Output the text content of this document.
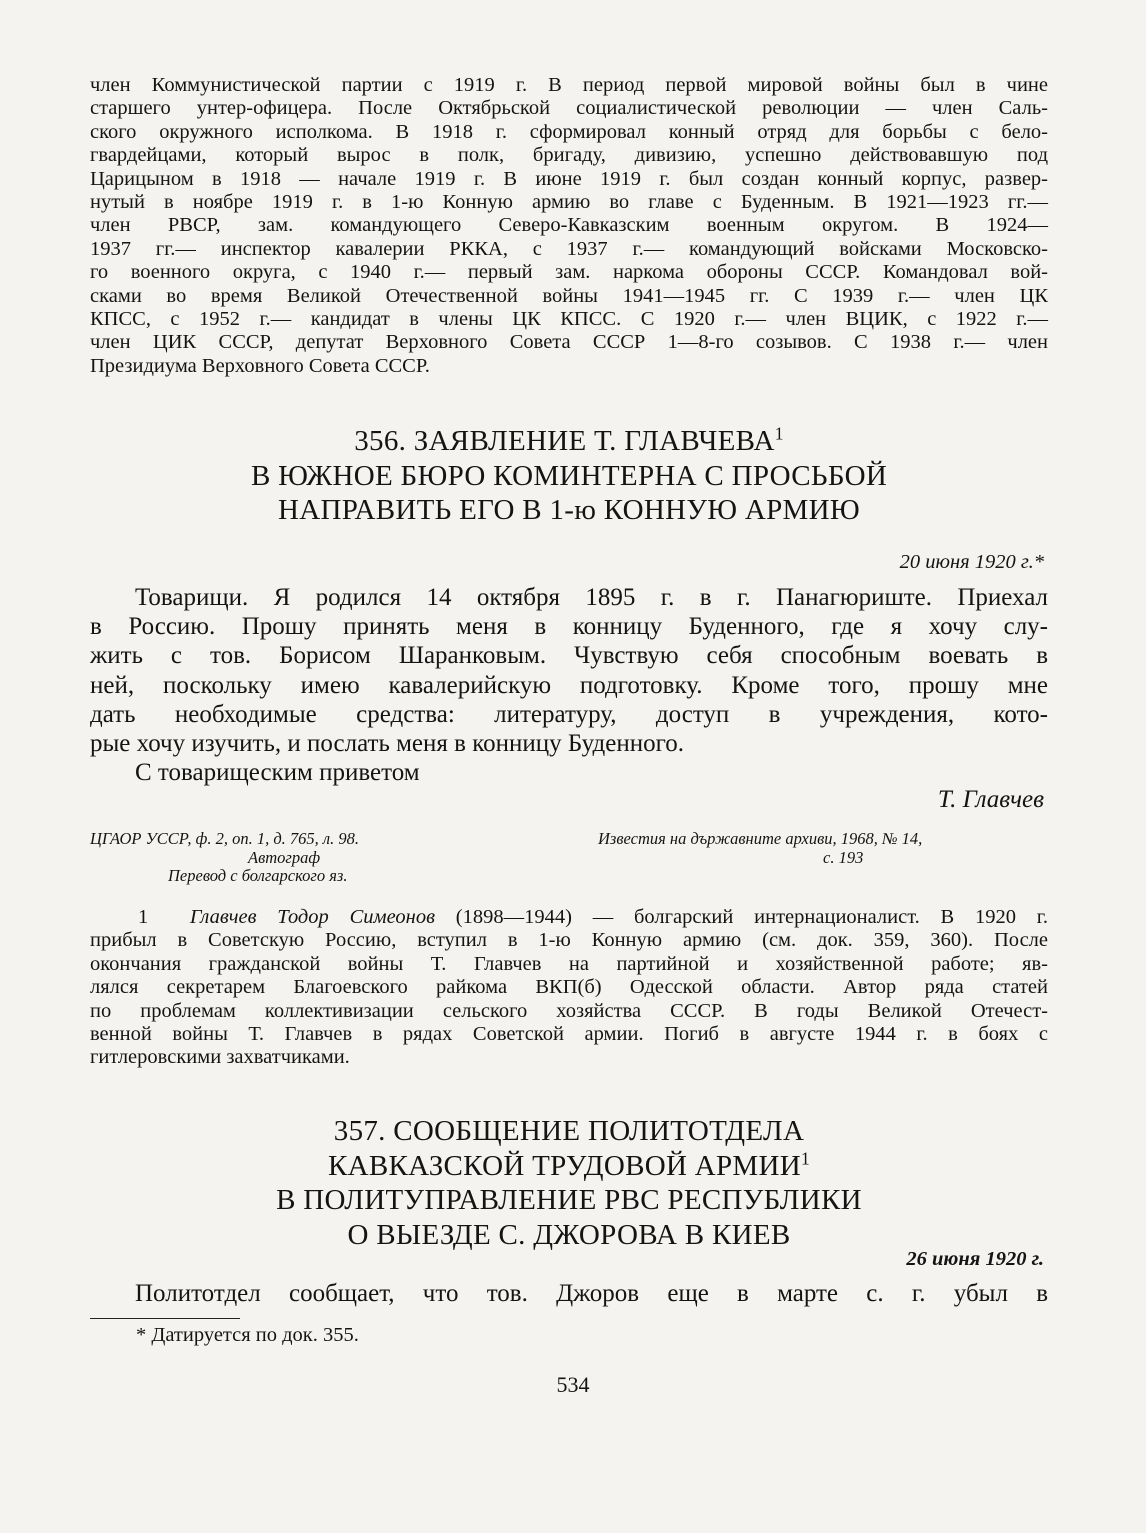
член Коммунистической партии с 1919 г. В период первой мировой войны был в чине

старшего унтер-офицера. После Октябрьской социалистической революции — член Саль-

ского окружного исполкома. В 1918 г. сформировал конный отряд для борьбы с бело-

гвардейцами, который вырос в полк, бригаду, дивизию, успешно действовавшую под

Царицыном в 1918 — начале 1919 г. В июне 1919 г. был создан конный корпус, развер-

нутый в ноябре 1919 г. в 1-ю Конную армию во главе с Буденным. В 1921—1923 гг.—

член РВСР, зам. командующего Северо-Кавказским военным округом. В 1924—

1937 гг.— инспектор кавалерии РККА, с 1937 г.— командующий войсками Московско-

го военного округа, с 1940 г.— первый зам. наркома обороны СССР. Командовал вой-

сками во время Великой Отечественной войны 1941—1945 гг. С 1939 г.— член ЦК

КПСС, с 1952 г.— кандидат в члены ЦК КПСС. С 1920 г.— член ВЦИК, с 1922 г.—

член ЦИК СССР, депутат Верховного Совета СССР 1—8-го созывов. С 1938 г.— член

Президиума Верховного Совета СССР.

356. ЗАЯВЛЕНИЕ Т. ГЛАВЧЕВА$^1$
В ЮЖНОЕ БЮРО КОМИНТЕРНА С ПРОСЬБОЙ
НАПРАВИТЬ ЕГО В 1-ю КОННУЮ АРМИЮ
20 июня 1920 г.*

Товарищи. Я родился 14 октября 1895 г. в г. Панагюриште. Приехал

в Россию. Прошу принять меня в конницу Буденного, где я хочу слу-

жить с тов. Борисом Шаранковым. Чувствую себя способным воевать в

ней, поскольку имею кавалерийскую подготовку. Кроме того, прошу мне

дать необходимые средства: литературу, доступ в учреждения, кото-

рые хочу изучить, и послать меня в конницу Буденного.

С товарищеским приветом

Т. Главчев
ЦГАОР УССР, ф. 2, оп. 1, д. 765, л. 98.
Автограф
Перевод с болгарского яз.
Известия на държавните архиви, 1968, № 14,
с. 193

1 Главчев Тодор Симеонов (1898—1944) — болгарский интернационалист. В 1920 г.

прибыл в Советскую Россию, вступил в 1-ю Конную армию (см. док. 359, 360). После

окончания гражданской войны Т. Главчев на партийной и хозяйственной работе; яв-

лялся секретарем Благоевского райкома ВКП(б) Одесской области. Автор ряда статей

по проблемам коллективизации сельского хозяйства СССР. В годы Великой Отечест-

венной войны Т. Главчев в рядах Советской армии. Погиб в августе 1944 г. в боях с

гитлеровскими захватчиками.

357. СООБЩЕНИЕ ПОЛИТОТДЕЛА
КАВКАЗСКОЙ ТРУДОВОЙ АРМИИ$^1$
В ПОЛИТУПРАВЛЕНИЕ РВС РЕСПУБЛИКИ
О ВЫЕЗДЕ С. ДЖОРОВА В КИЕВ
26 июня 1920 г.

Политотдел сообщает, что тов. Джоров еще в марте с. г. убыл в

* Датируется по док. 355.
534
